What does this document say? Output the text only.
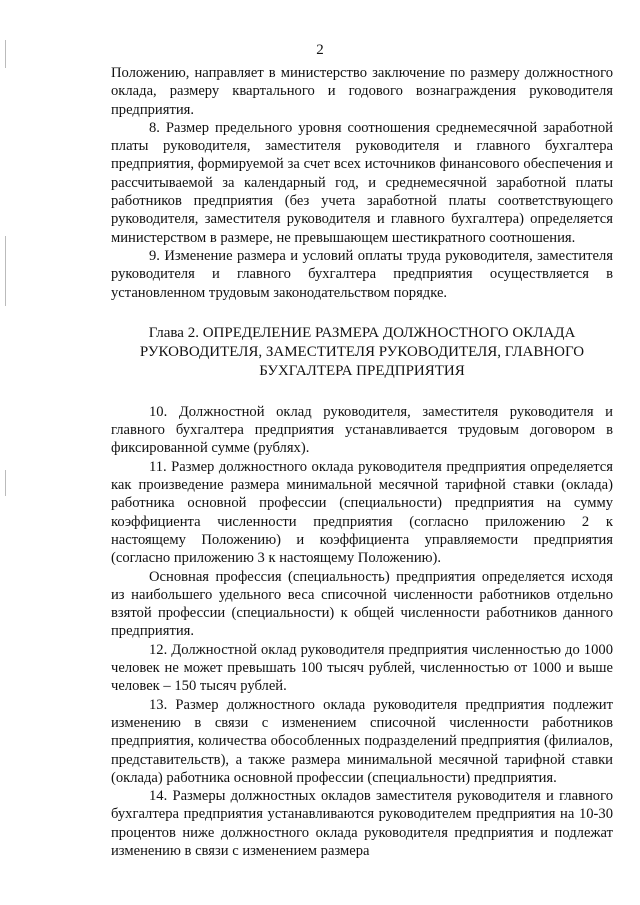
2

Положению, направляет в министерство заключение по размеру должностного оклада, размеру квартального и годового вознаграждения руководителя предприятия.

8. Размер предельного уровня соотношения среднемесячной заработной платы руководителя, заместителя руководителя и главного бухгалтера предприятия, формируемой за счет всех источников финансового обеспечения и рассчитываемой за календарный год, и среднемесячной заработной платы работников предприятия (без учета заработной платы соответствующего руководителя, заместителя руководителя и главного бухгалтера) определяется министерством в размере, не превышающем шестикратного соотношения.

9. Изменение размера и условий оплаты труда руководителя, заместителя руководителя и главного бухгалтера предприятия осуществляется в установленном трудовым законодательством порядке.

Глава 2. ОПРЕДЕЛЕНИЕ РАЗМЕРА ДОЛЖНОСТНОГО ОКЛАДА
РУКОВОДИТЕЛЯ, ЗАМЕСТИТЕЛЯ РУКОВОДИТЕЛЯ, ГЛАВНОГО
БУХГАЛТЕРА ПРЕДПРИЯТИЯ

10. Должностной оклад руководителя, заместителя руководителя и главного бухгалтера предприятия устанавливается трудовым договором в фиксированной сумме (рублях).

11. Размер должностного оклада руководителя предприятия определяется как произведение размера минимальной месячной тарифной ставки (оклада) работника основной профессии (специальности) предприятия на сумму коэффициента численности предприятия (согласно приложению 2 к настоящему Положению) и коэффициента управляемости предприятия (согласно приложению 3 к настоящему Положению).

Основная профессия (специальность) предприятия определяется исходя из наибольшего удельного веса списочной численности работников отдельно взятой профессии (специальности) к общей численности работников данного предприятия.

12. Должностной оклад руководителя предприятия численностью до 1000 человек не может превышать 100 тысяч рублей, численностью от 1000 и выше человек – 150 тысяч рублей.

13. Размер должностного оклада руководителя предприятия подлежит изменению в связи с изменением списочной численности работников предприятия, количества обособленных подразделений предприятия (филиалов, представительств), а также размера минимальной месячной тарифной ставки (оклада) работника основной профессии (специальности) предприятия.

14. Размеры должностных окладов заместителя руководителя и главного бухгалтера предприятия устанавливаются руководителем предприятия на 10-30 процентов ниже должностного оклада руководителя предприятия и подлежат изменению в связи с изменением размера
